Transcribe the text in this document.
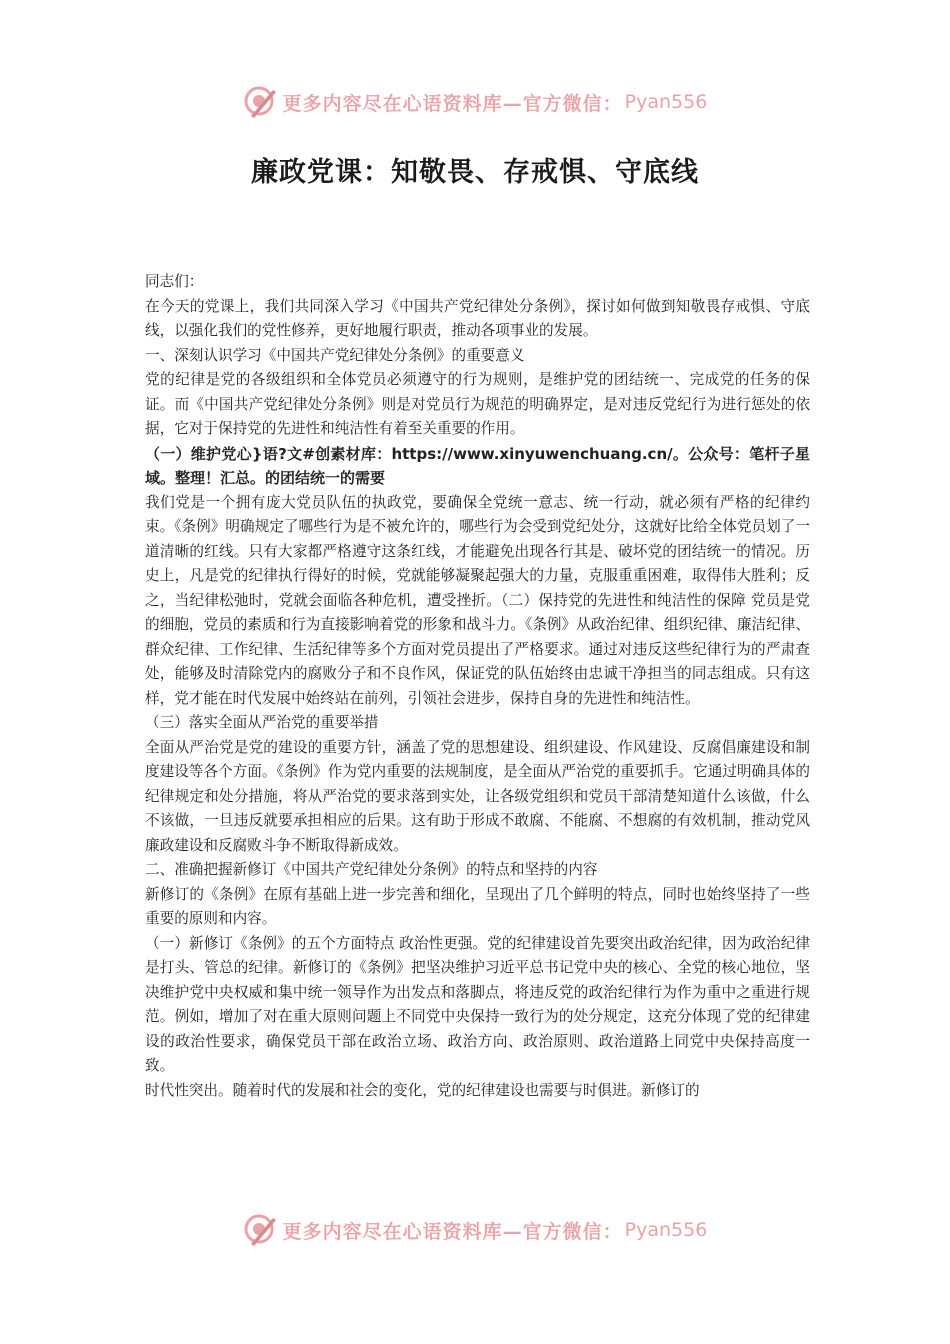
更多内容尽在心语资料库—官方微信： Pyan556
廉政党课：知敬畏、存戒惧、守底线

同志们：

在今天的党课上，我们共同深入学习《中国共产党纪律处分条例》，探讨如何做到知敬畏存戒惧、守底线，以强化我们的党性修养，更好地履行职责，推动各项事业的发展。

一、深刻认识学习《中国共产党纪律处分条例》的重要意义

党的纪律是党的各级组织和全体党员必须遵守的行为规则，是维护党的团结统一、完成党的任务的保证。而《中国共产党纪律处分条例》则是对党员行为规范的明确界定，是对违反党纪行为进行惩处的依据，它对于保持党的先进性和纯洁性有着至关重要的作用。

（一）维护党心}语?文#创素材库：https://www.xinyuwenchuang.cn/。公众号：笔杆子星域。整理！汇总。的团结统一的需要

我们党是一个拥有庞大党员队伍的执政党，要确保全党统一意志、统一行动，就必须有严格的纪律约束。《条例》明确规定了哪些行为是不被允许的，哪些行为会受到党纪处分，这就好比给全体党员划了一道清晰的红线。只有大家都严格遵守这条红线，才能避免出现各行其是、破坏党的团结统一的情况。历史上，凡是党的纪律执行得好的时候，党就能够凝聚起强大的力量，克服重重困难，取得伟大胜利；反之，当纪律松弛时，党就会面临各种危机，遭受挫折。（二）保持党的先进性和纯洁性的保障 党员是党的细胞，党员的素质和行为直接影响着党的形象和战斗力。《条例》从政治纪律、组织纪律、廉洁纪律、群众纪律、工作纪律、生活纪律等多个方面对党员提出了严格要求。通过对违反这些纪律行为的严肃查处，能够及时清除党内的腐败分子和不良作风，保证党的队伍始终由忠诚干净担当的同志组成。只有这样，党才能在时代发展中始终站在前列，引领社会进步，保持自身的先进性和纯洁性。

（三）落实全面从严治党的重要举措

全面从严治党是党的建设的重要方针，涵盖了党的思想建设、组织建设、作风建设、反腐倡廉建设和制度建设等各个方面。《条例》作为党内重要的法规制度，是全面从严治党的重要抓手。它通过明确具体的纪律规定和处分措施，将从严治党的要求落到实处，让各级党组织和党员干部清楚知道什么该做，什么不该做，一旦违反就要承担相应的后果。这有助于形成不敢腐、不能腐、不想腐的有效机制，推动党风廉政建设和反腐败斗争不断取得新成效。

二、准确把握新修订《中国共产党纪律处分条例》的特点和坚持的内容

新修订的《条例》在原有基础上进一步完善和细化，呈现出了几个鲜明的特点，同时也始终坚持了一些重要的原则和内容。

（一）新修订《条例》的五个方面特点 政治性更强。党的纪律建设首先要突出政治纪律，因为政治纪律是打头、管总的纪律。新修订的《条例》把坚决维护习近平总书记党中央的核心、全党的核心地位，坚决维护党中央权威和集中统一领导作为出发点和落脚点，将违反党的政治纪律行为作为重中之重进行规范。例如，增加了对在重大原则问题上不同党中央保持一致行为的处分规定，这充分体现了党的纪律建设的政治性要求，确保党员干部在政治立场、政治方向、政治原则、政治道路上同党中央保持高度一致。

时代性突出。随着时代的发展和社会的变化，党的纪律建设也需要与时俱进。新修订的

更多内容尽在心语资料库—官方微信： Pyan556
